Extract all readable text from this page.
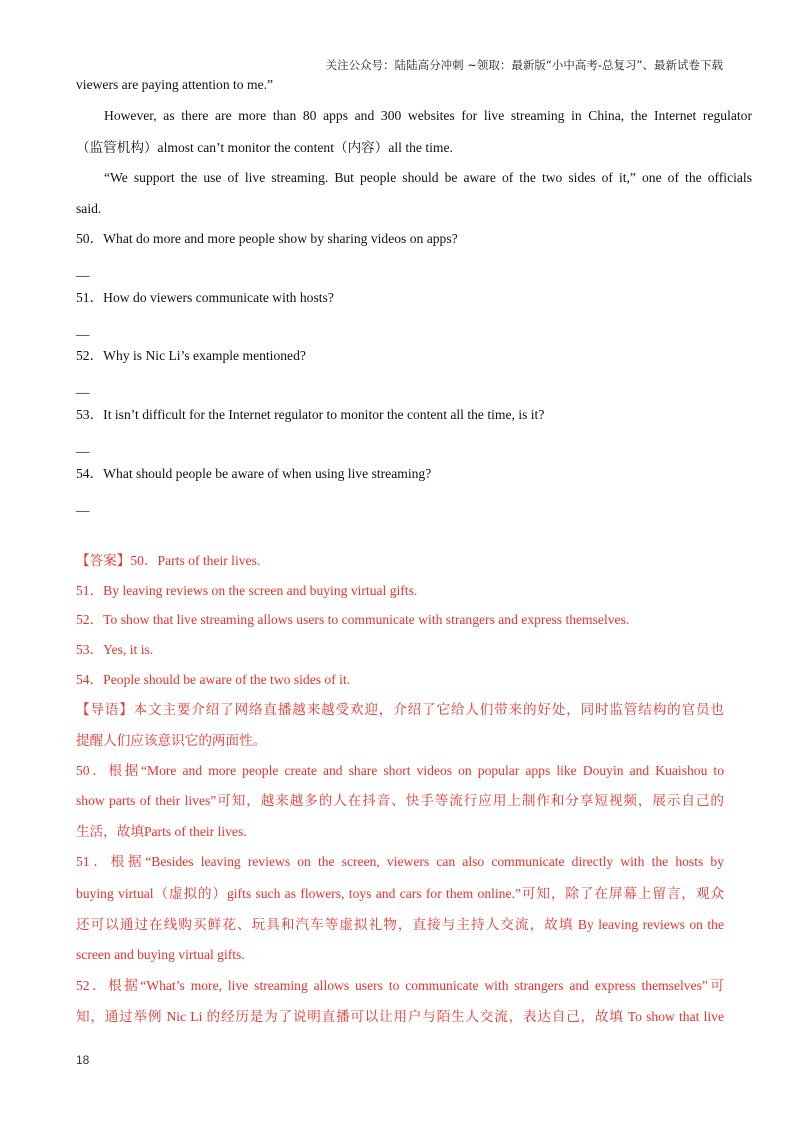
关注公众号：陆陆高分冲刺 ~领取：最新版“小中高考-总复习”、最新试卷下载
viewers are paying attention to me.”
However, as there are more than 80 apps and 300 websites for live streaming in China, the Internet regulator
（监管机构）almost can’t monitor the content（内容）all the time.
“We support the use of live streaming. But people should be aware of the two sides of it,” one of the officials
said.
50．What do more and more people show by sharing videos on apps?
__
51．How do viewers communicate with hosts?
__
52．Why is Nic Li’s example mentioned?
__
53．It isn’t difficult for the Internet regulator to monitor the content all the time, is it?
__
54．What should people be aware of when using live streaming?
__
【答案】50．Parts of their lives.
51．By leaving reviews on the screen and buying virtual gifts.
52．To show that live streaming allows users to communicate with strangers and express themselves.
53．Yes, it is.
54．People should be aware of the two sides of it.
【导语】本文主要介绍了网络直播越来越受欢迎，介绍了它给人们带来的好处，同时监管结构的官员也
提醒人们应该意识它的两面性。
50．根据“More and more people create and share short videos on popular apps like Douyin and Kuaishou to
show parts of their lives”可知，越来越多的人在抖音、快手等流行应用上制作和分享短视频，展示自己的
生活，故填Parts of their lives.
51．根据“Besides leaving reviews on the screen, viewers can also communicate directly with the hosts by
buying virtual（虚拟的）gifts such as flowers, toys and cars for them online.”可知，除了在屏幕上留言，观众
还可以通过在线购买鲜花、玩具和汽车等虚拟礼物，直接与主持人交流，故填 By leaving reviews on the
screen and buying virtual gifts.
52．根据“What’s more, live streaming allows users to communicate with strangers and express themselves”可
知，通过举例 Nic Li 的经历是为了说明直播可以让用户与陌生人交流，表达自己，故填 To show that live
18
